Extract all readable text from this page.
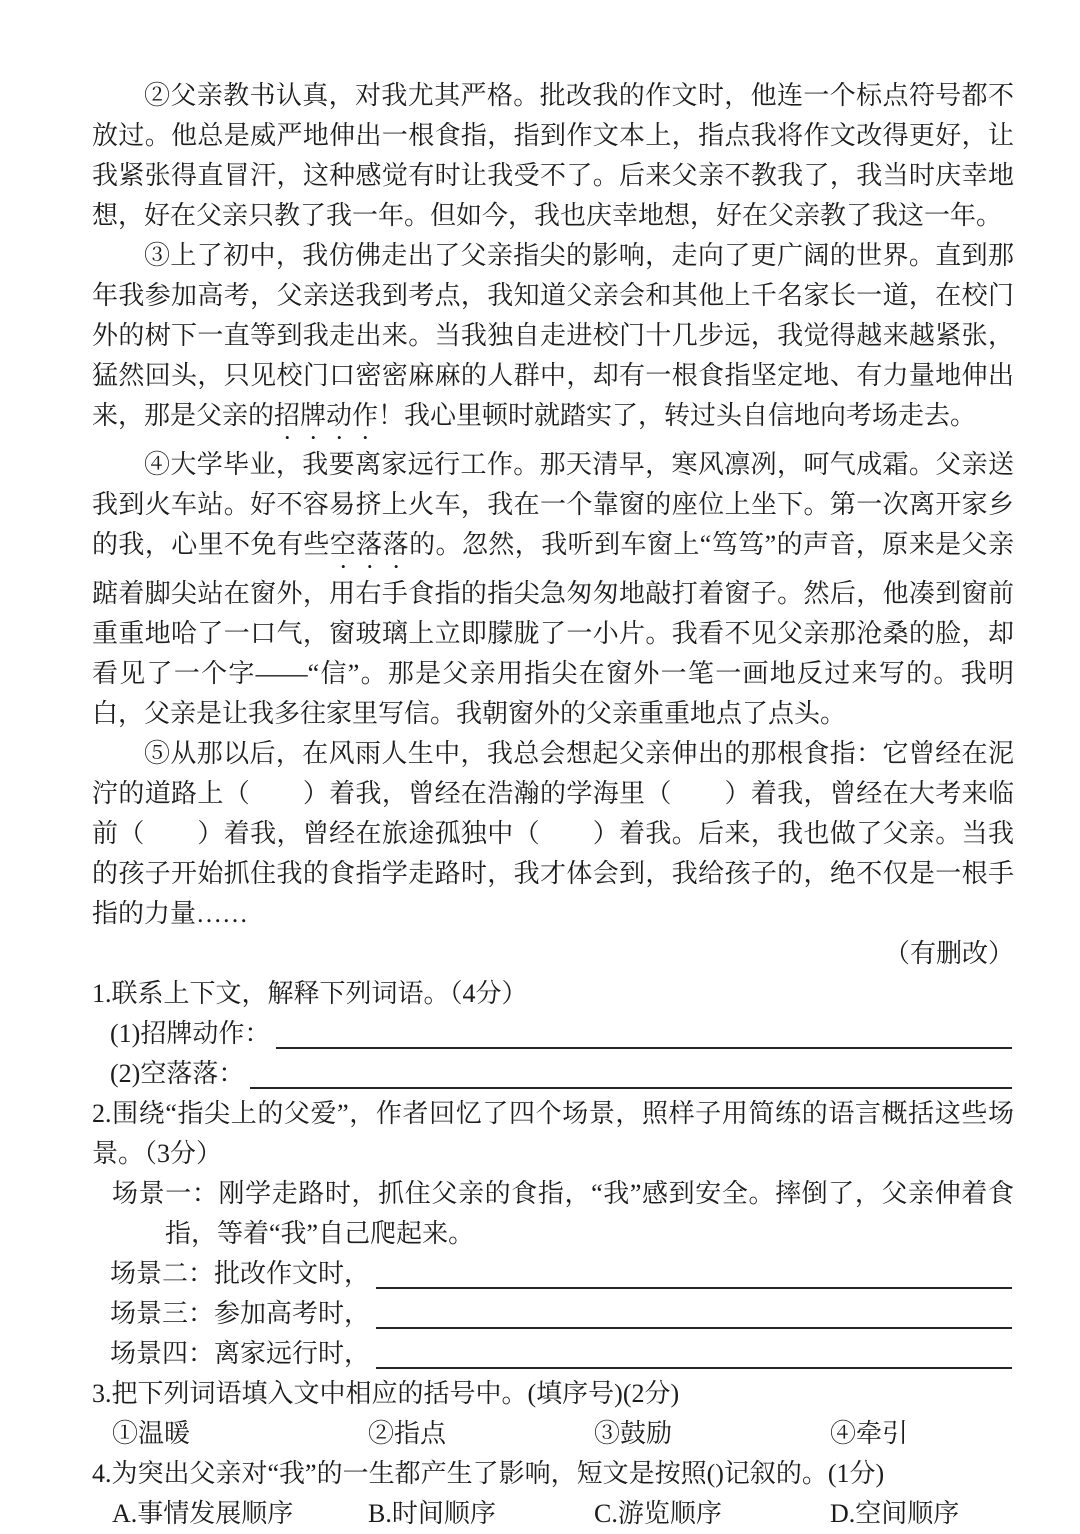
②父亲教书认真，对我尤其严格。批改我的作文时，他连一个标点符号都不放过。他总是威严地伸出一根食指，指到作文本上，指点我将作文改得更好，让我紧张得直冒汗，这种感觉有时让我受不了。后来父亲不教我了，我当时庆幸地想，好在父亲只教了我一年。但如今，我也庆幸地想，好在父亲教了我这一年。

③上了初中，我仿佛走出了父亲指尖的影响，走向了更广阔的世界。直到那年我参加高考，父亲送我到考点，我知道父亲会和其他上千名家长一道，在校门外的树下一直等到我走出来。当我独自走进校门十几步远，我觉得越来越紧张，猛然回头，只见校门口密密麻麻的人群中，却有一根食指坚定地、有力量地伸出来，那是父亲的招牌动作！我心里顿时就踏实了，转过头自信地向考场走去。

④大学毕业，我要离家远行工作。那天清早，寒风凛冽，呵气成霜。父亲送我到火车站。好不容易挤上火车，我在一个靠窗的座位上坐下。第一次离开家乡的我，心里不免有些空落落的。忽然，我听到车窗上“笃笃”的声音，原来是父亲踮着脚尖站在窗外，用右手食指的指尖急匆匆地敲打着窗子。然后，他凑到窗前重重地哈了一口气，窗玻璃上立即朦胧了一小片。我看不见父亲那沧桑的脸，却看见了一个字——“信”。那是父亲用指尖在窗外一笔一画地反过来写的。我明白，父亲是让我多往家里写信。我朝窗外的父亲重重地点了点头。

⑤从那以后，在风雨人生中，我总会想起父亲伸出的那根食指：它曾经在泥泞的道路上（　　）着我，曾经在浩瀚的学海里（　　）着我，曾经在大考来临前（　　）着我，曾经在旅途孤独中（　　）着我。后来，我也做了父亲。当我的孩子开始抓住我的食指学走路时，我才体会到，我给孩子的，绝不仅是一根手指的力量……

（有删改）

1.联系上下文，解释下列词语。（4分）

(1)招牌动作：
(2)空落落：

2.围绕“指尖上的父爱”，作者回忆了四个场景，照样子用简练的语言概括这些场景。（3分）

场景一：刚学走路时，抓住父亲的食指，“我”感到安全。摔倒了，父亲伸着食指，等着“我”自己爬起来。

场景二：批改作文时，
场景三：参加高考时，
场景四：离家远行时，

3.把下列词语填入文中相应的括号中。(填序号)(2分)

①温暖	②指点	③鼓励	④牵引

4.为突出父亲对“我”的一生都产生了影响，短文是按照()记叙的。(1分)

A.事情发展顺序	B.时间顺序	C.游览顺序	D.空间顺序
